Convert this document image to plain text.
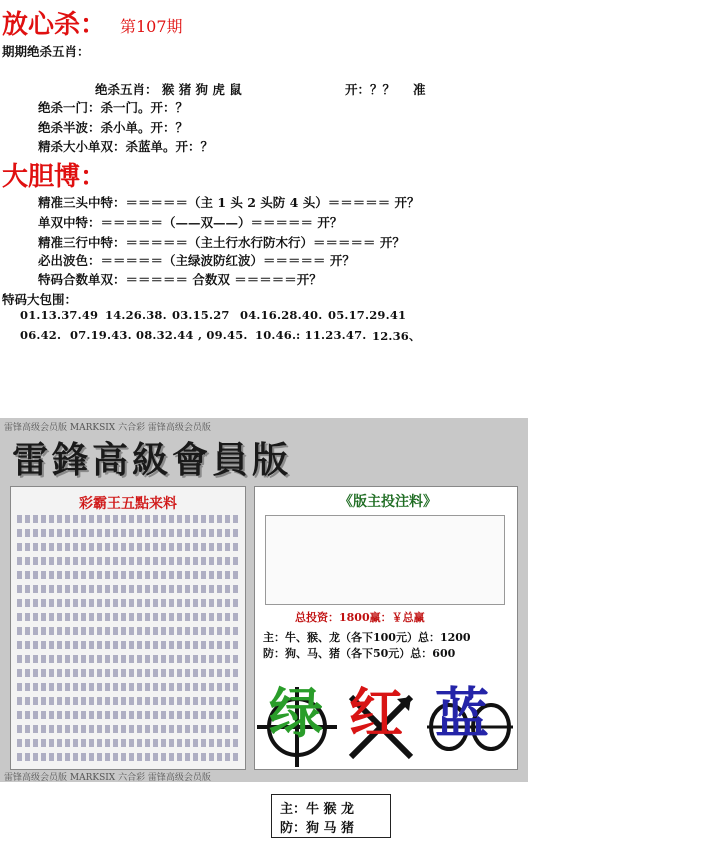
放心杀： 第107期
期期绝杀五肖：
绝杀五肖： 猴 猪 狗 虎 鼠	开：？？ 准
绝杀一门：杀一门。开：？
绝杀半波：杀小单。开：？
精杀大小单双：杀蓝单。开：？
大胆博：
精准三头中特：＝＝＝＝＝（主 1 头 2 头防 4 头）＝＝＝＝＝ 开？
单双中特：＝＝＝＝＝（——双——）＝＝＝＝＝ 开？
精准三行中特：＝＝＝＝＝（主土行水行防木行）＝＝＝＝＝ 开？
必出波色：＝＝＝＝＝（主绿波防红波）＝＝＝＝＝ 开？
特码合数单双：＝＝＝＝＝ 合数双 ＝＝＝＝＝开？
特码大包围：
01.13.37.49 14.26.38. 03.15.27 04.16.28.40. 05.17.29.41
06.42. 07.19.43. 08.32.44 , 09.45. 10.46. : 11.23.47. 12.36、
雷锋高级会员版 MARKSIX 六合彩 雷锋高级会员版
雷鋒高級會員版
彩霸王五點来料	《版主投注料》
总投资：1800赢：￥总赢
主：牛、猴、龙（各下100元）总：1200
防：狗、马、猪（各下50元）总：600
绿 红 蓝
雷锋高级会员版 MARKSIX 六合彩 雷锋高级会员版
主：牛 猴 龙
防：狗 马 猪
